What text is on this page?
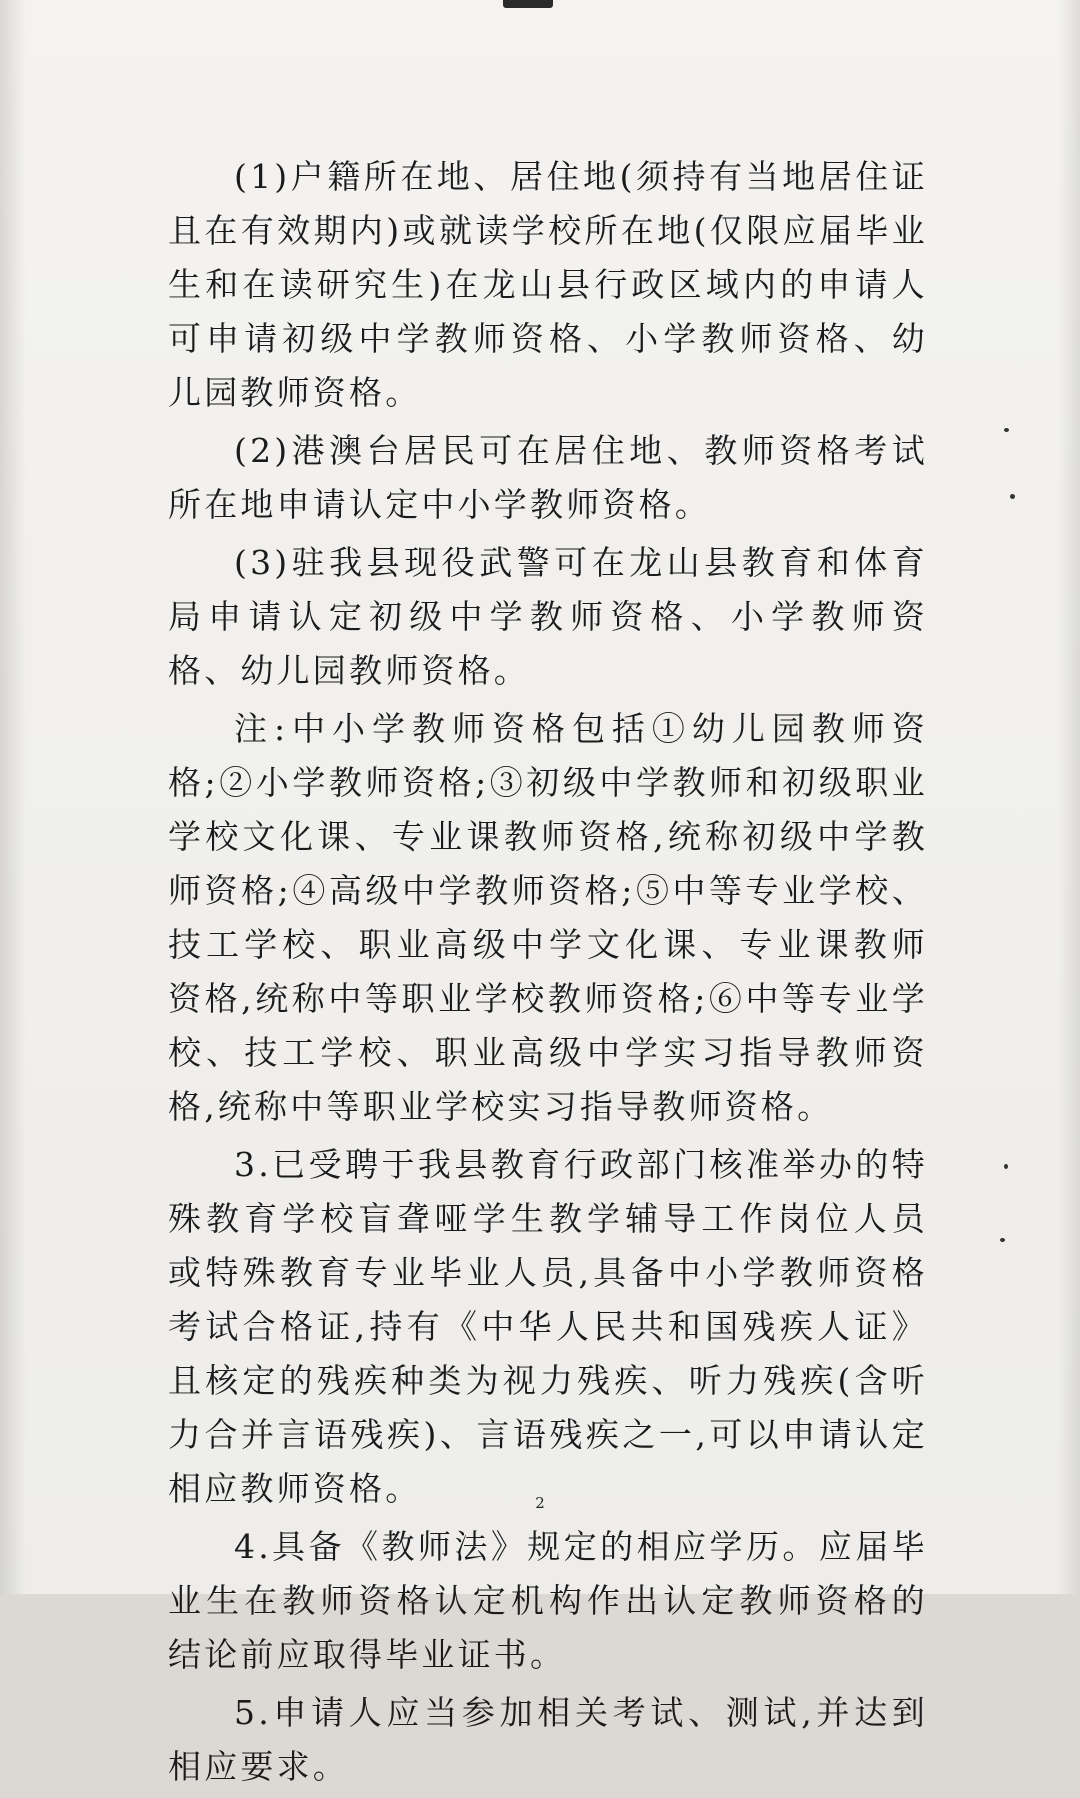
(1)户籍所在地、居住地(须持有当地居住证且在有效期内)或就读学校所在地(仅限应届毕业生和在读研究生)在龙山县行政区域内的申请人可申请初级中学教师资格、小学教师资格、幼儿园教师资格。

(2)港澳台居民可在居住地、教师资格考试所在地申请认定中小学教师资格。

(3)驻我县现役武警可在龙山县教育和体育局申请认定初级中学教师资格、小学教师资格、幼儿园教师资格。

注:中小学教师资格包括①幼儿园教师资格;②小学教师资格;③初级中学教师和初级职业学校文化课、专业课教师资格,统称初级中学教师资格;④高级中学教师资格;⑤中等专业学校、技工学校、职业高级中学文化课、专业课教师资格,统称中等职业学校教师资格;⑥中等专业学校、技工学校、职业高级中学实习指导教师资格,统称中等职业学校实习指导教师资格。

3.已受聘于我县教育行政部门核准举办的特殊教育学校盲聋哑学生教学辅导工作岗位人员或特殊教育专业毕业人员,具备中小学教师资格考试合格证,持有《中华人民共和国残疾人证》且核定的残疾种类为视力残疾、听力残疾(含听力合并言语残疾)、言语残疾之一,可以申请认定相应教师资格。

4.具备《教师法》规定的相应学历。应届毕业生在教师资格认定机构作出认定教师资格的结论前应取得毕业证书。

5.申请人应当参加相关考试、测试,并达到相应要求。

2
